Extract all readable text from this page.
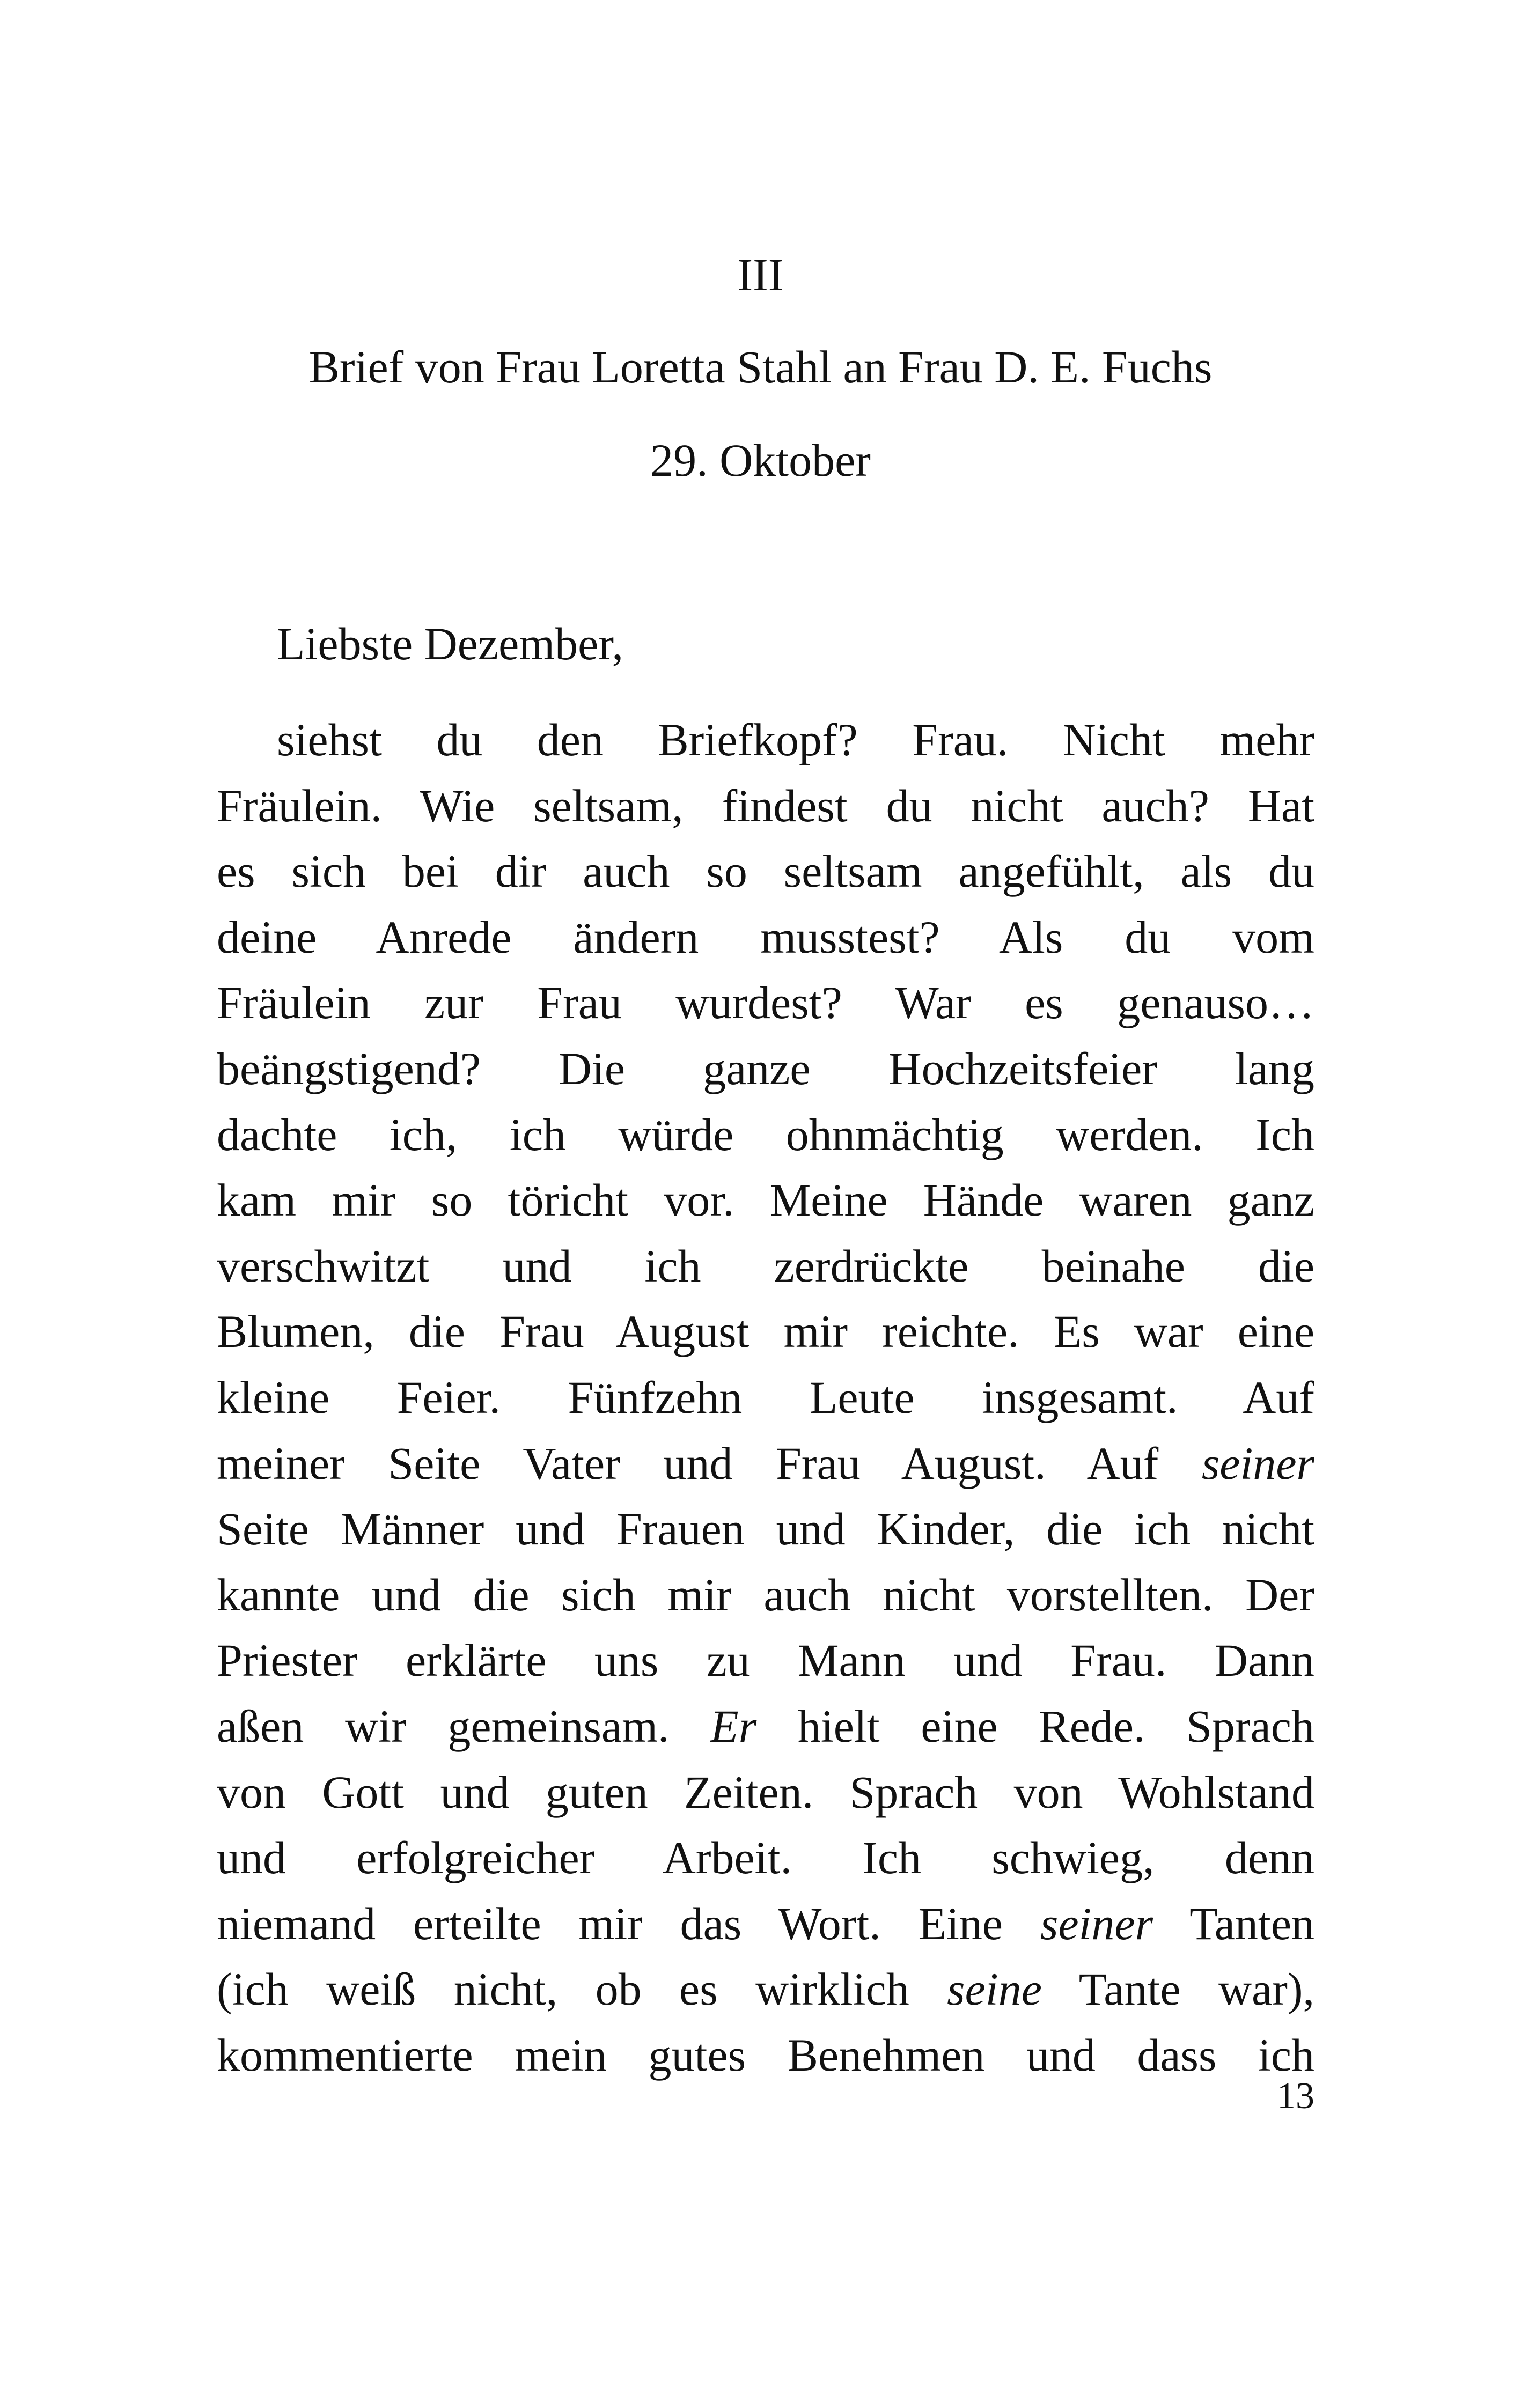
III
Brief von Frau Loretta Stahl an Frau D. E. Fuchs
29. Oktober
Liebste Dezember,
siehst du den Briefkopf? Frau. Nicht mehr
Fräulein. Wie seltsam, findest du nicht auch? Hat
es sich bei dir auch so seltsam angefühlt, als du
deine Anrede ändern musstest? Als du vom
Fräulein zur Frau wurdest? War es genauso…
beängstigend? Die ganze Hochzeitsfeier lang
dachte ich, ich würde ohnmächtig werden. Ich
kam mir so töricht vor. Meine Hände waren ganz
verschwitzt und ich zerdrückte beinahe die
Blumen, die Frau August mir reichte. Es war eine
kleine Feier. Fünfzehn Leute insgesamt. Auf
meiner Seite Vater und Frau August. Auf seiner
Seite Männer und Frauen und Kinder, die ich nicht
kannte und die sich mir auch nicht vorstellten. Der
Priester erklärte uns zu Mann und Frau. Dann
aßen wir gemeinsam. Er hielt eine Rede. Sprach
von Gott und guten Zeiten. Sprach von Wohlstand
und erfolgreicher Arbeit. Ich schwieg, denn
niemand erteilte mir das Wort. Eine seiner Tanten
(ich weiß nicht, ob es wirklich seine Tante war),
kommentierte mein gutes Benehmen und dass ich
13
